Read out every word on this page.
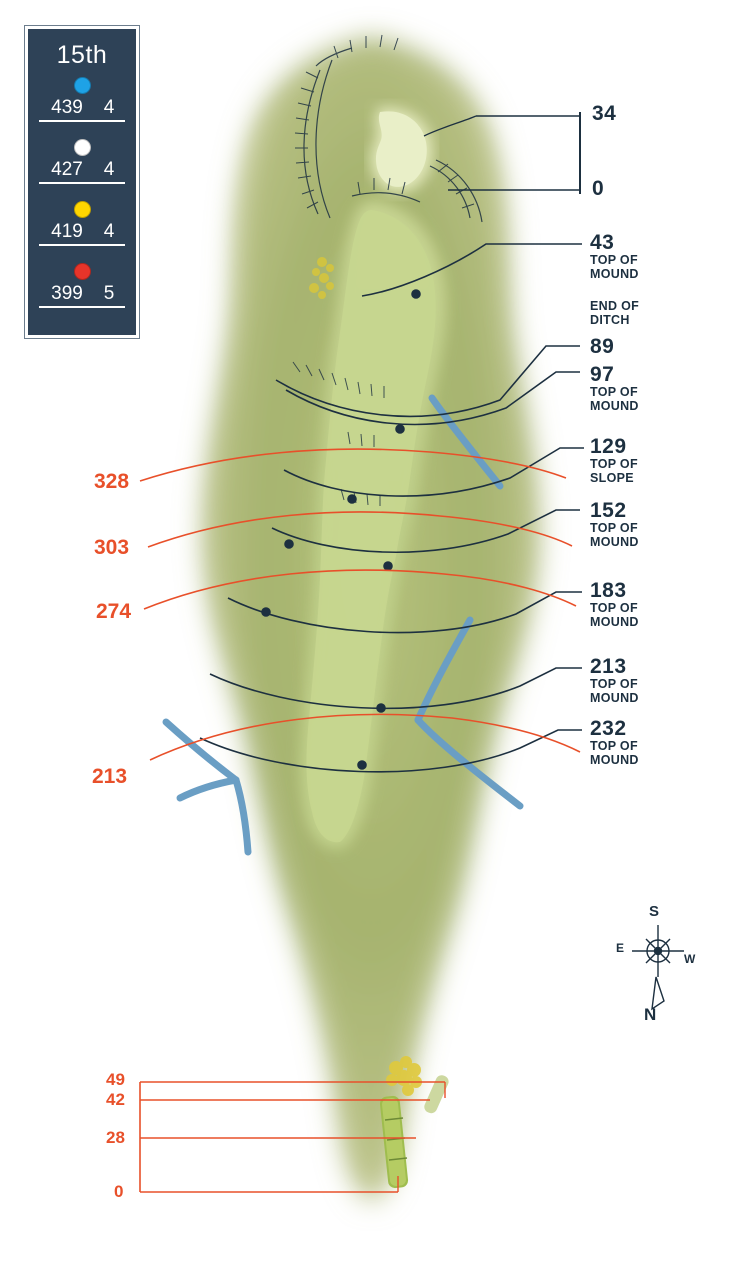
15th
439	4
427	4
419	4
399	5
34
0
43
TOP OF
MOUND
END OF
DITCH
89
97
TOP OF
MOUND
129
TOP OF
SLOPE
152
TOP OF
MOUND
183
TOP OF
MOUND
213
TOP OF
MOUND
232
TOP OF
MOUND
328
303
274
213
49
42
28
0
S
N
E
W
